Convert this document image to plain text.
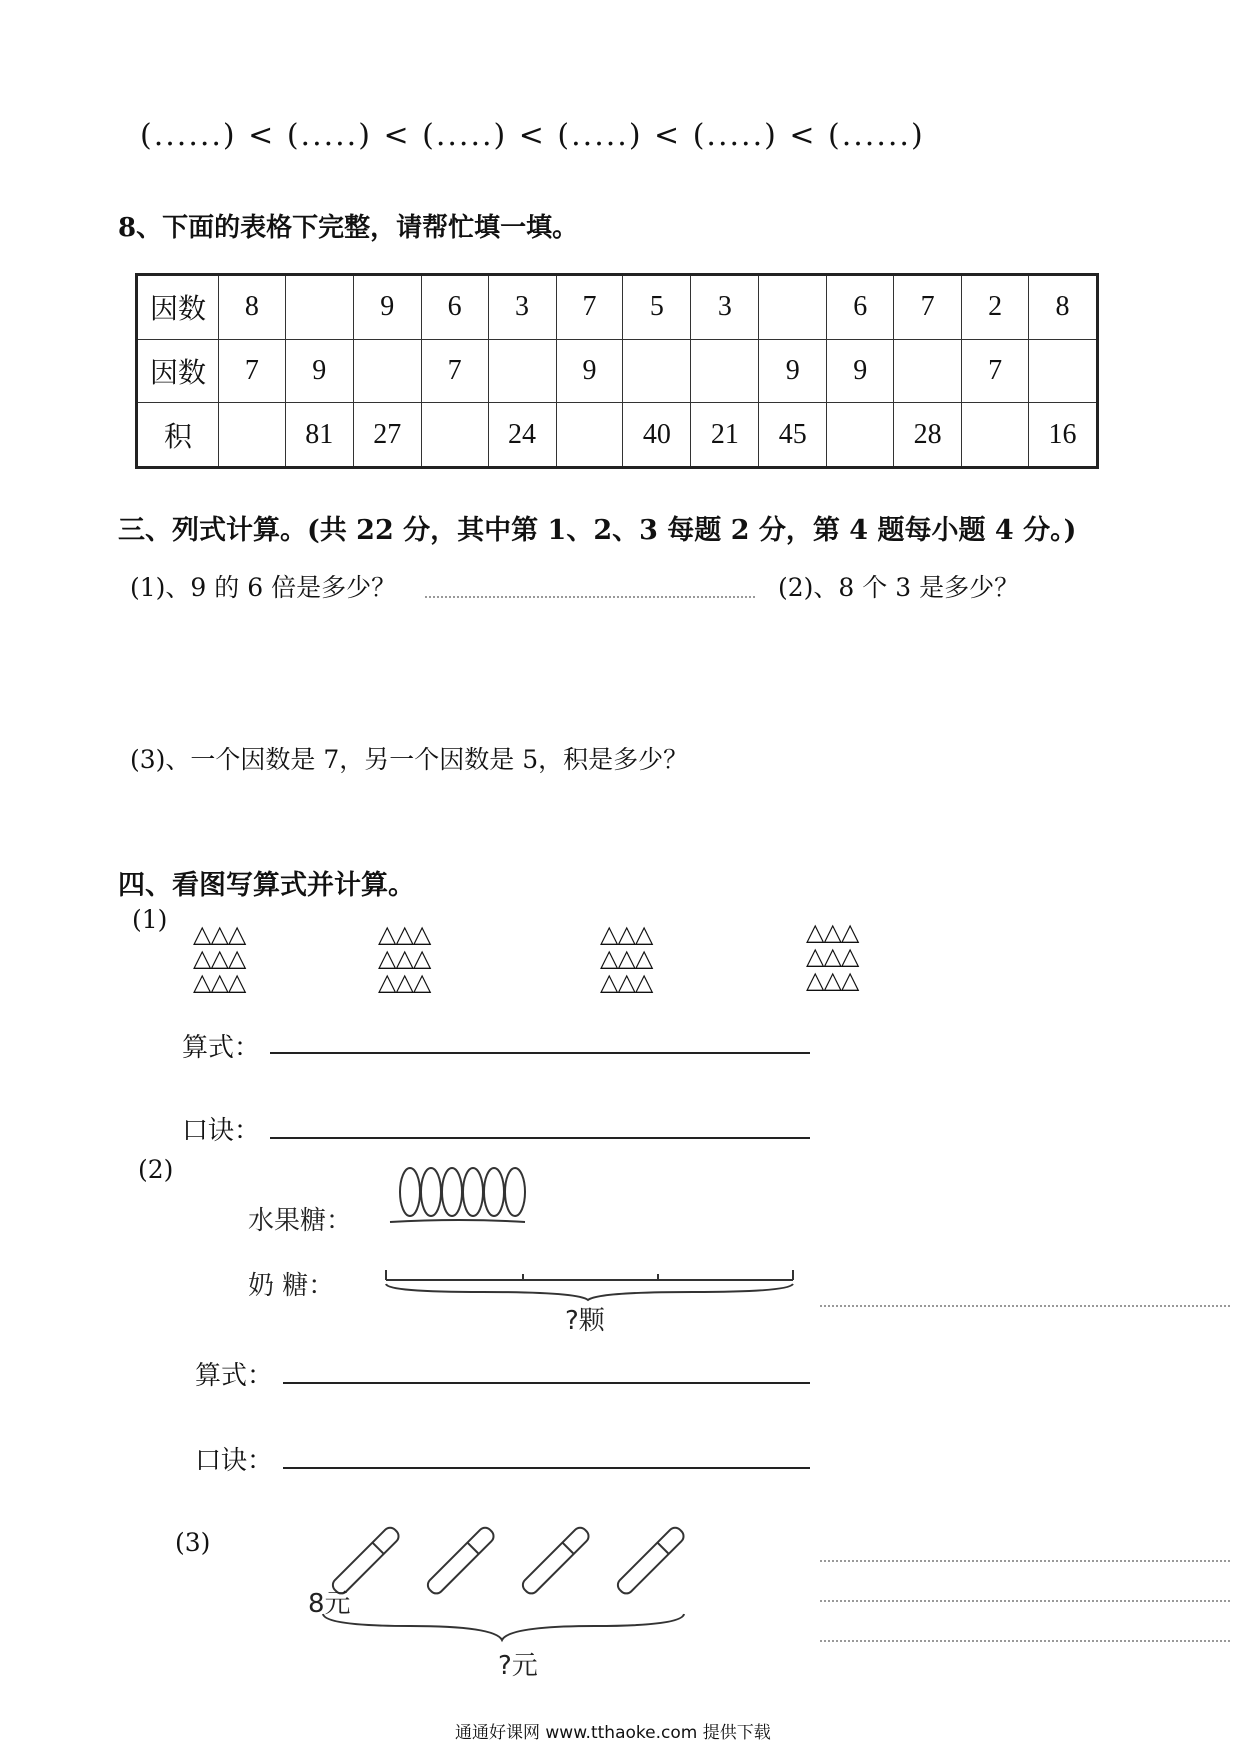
(......) < (.....) < (.....) < (.....) < (.....) < (......)
8、下面的表格下完整，请帮忙填一填。
因数	8		9	6	3	7	5	3		6	7	2	8
因数	7	9		7		9			9	9		7	
积		81	27		24		40	21	45		28		16
三、列式计算。(共 22 分，其中第 1、2、3 每题 2 分，第 4 题每小题 4 分。)
(1)、9 的 6 倍是多少？	(2)、8 个 3 是多少？
(3)、一个因数是 7，另一个因数是 5，积是多少？
四、看图写算式并计算。
(1) △△△
△△△
△△△
△△△
△△△
△△△
△△△
△△△
△△△
△△△
△△△
△△△
算式：
口诀：
(2)
水果糖：
奶 糖：
?颗
算式：
口诀：
(3)
8元
?元
通通好课网 www.tthaoke.com 提供下载
